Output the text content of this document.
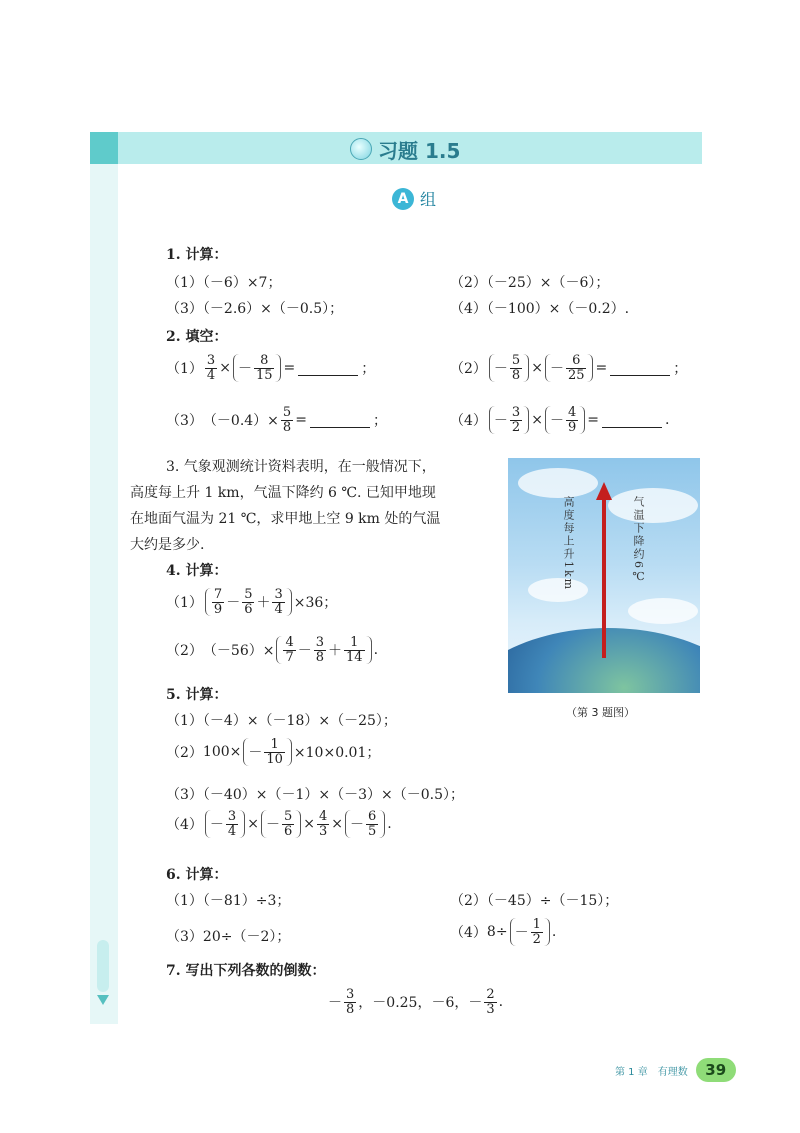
习题 1.5
A 组
1. 计算：
（1）（－6）×7；	（2）（－25）×（－6）；
（3）（－2.6）×（－0.5）；	（4）（－100）×（－0.2）.
2. 填空：
$(1) \frac{3}{4}$ × － $\frac{8}{15}$ =	；	$(2) - \frac{5}{8}$ × － $\frac{6}{25}$ =	；
（3） $(-0.4)\times \frac{5}{8}$ =	；	$(4) - \frac{3}{2}$ × － $\frac{4}{9}$ =	.
3. 气象观测统计资料表明，在一般情况下，
高度每上升 1 km，气温下降约 6 ℃. 已知甲地现
在地面气温为 21 ℃，求甲地上空 9 km 处的气温
大约是多少.	高度每上升1km	气温下降约6℃
（第 3 题图）
4. 计算：
$(1) \frac{7}{9} - \frac{5}{6} + \frac{3}{4} \times 36$；
（2） $(-56)\times \frac{4}{7} - \frac{3}{8} + \frac{1}{14}$ .
5. 计算：
（1）（－4）×（－18）×（－25）；
（2） $100\times - \frac{1}{10} \times 10\times 0.01$；
（3）（－40）×（－1）×（－3）×（－0.5）；
$(4) - \frac{3}{4}$ × － $\frac{5}{6} \times \frac{4}{3}$ × － $\frac{6}{5}$ .
6. 计算：
（1）（－81）÷3；	（2）（－45）÷（－15）；
（3）20÷（－2）；	（4） $8\div - \frac{1}{2}$ .
7. 写出下列各数的倒数：
－ $\frac{3}{8}$ ，－0.25，－6，－ $\frac{2}{3}$ .
第 1 章　有理数	39
